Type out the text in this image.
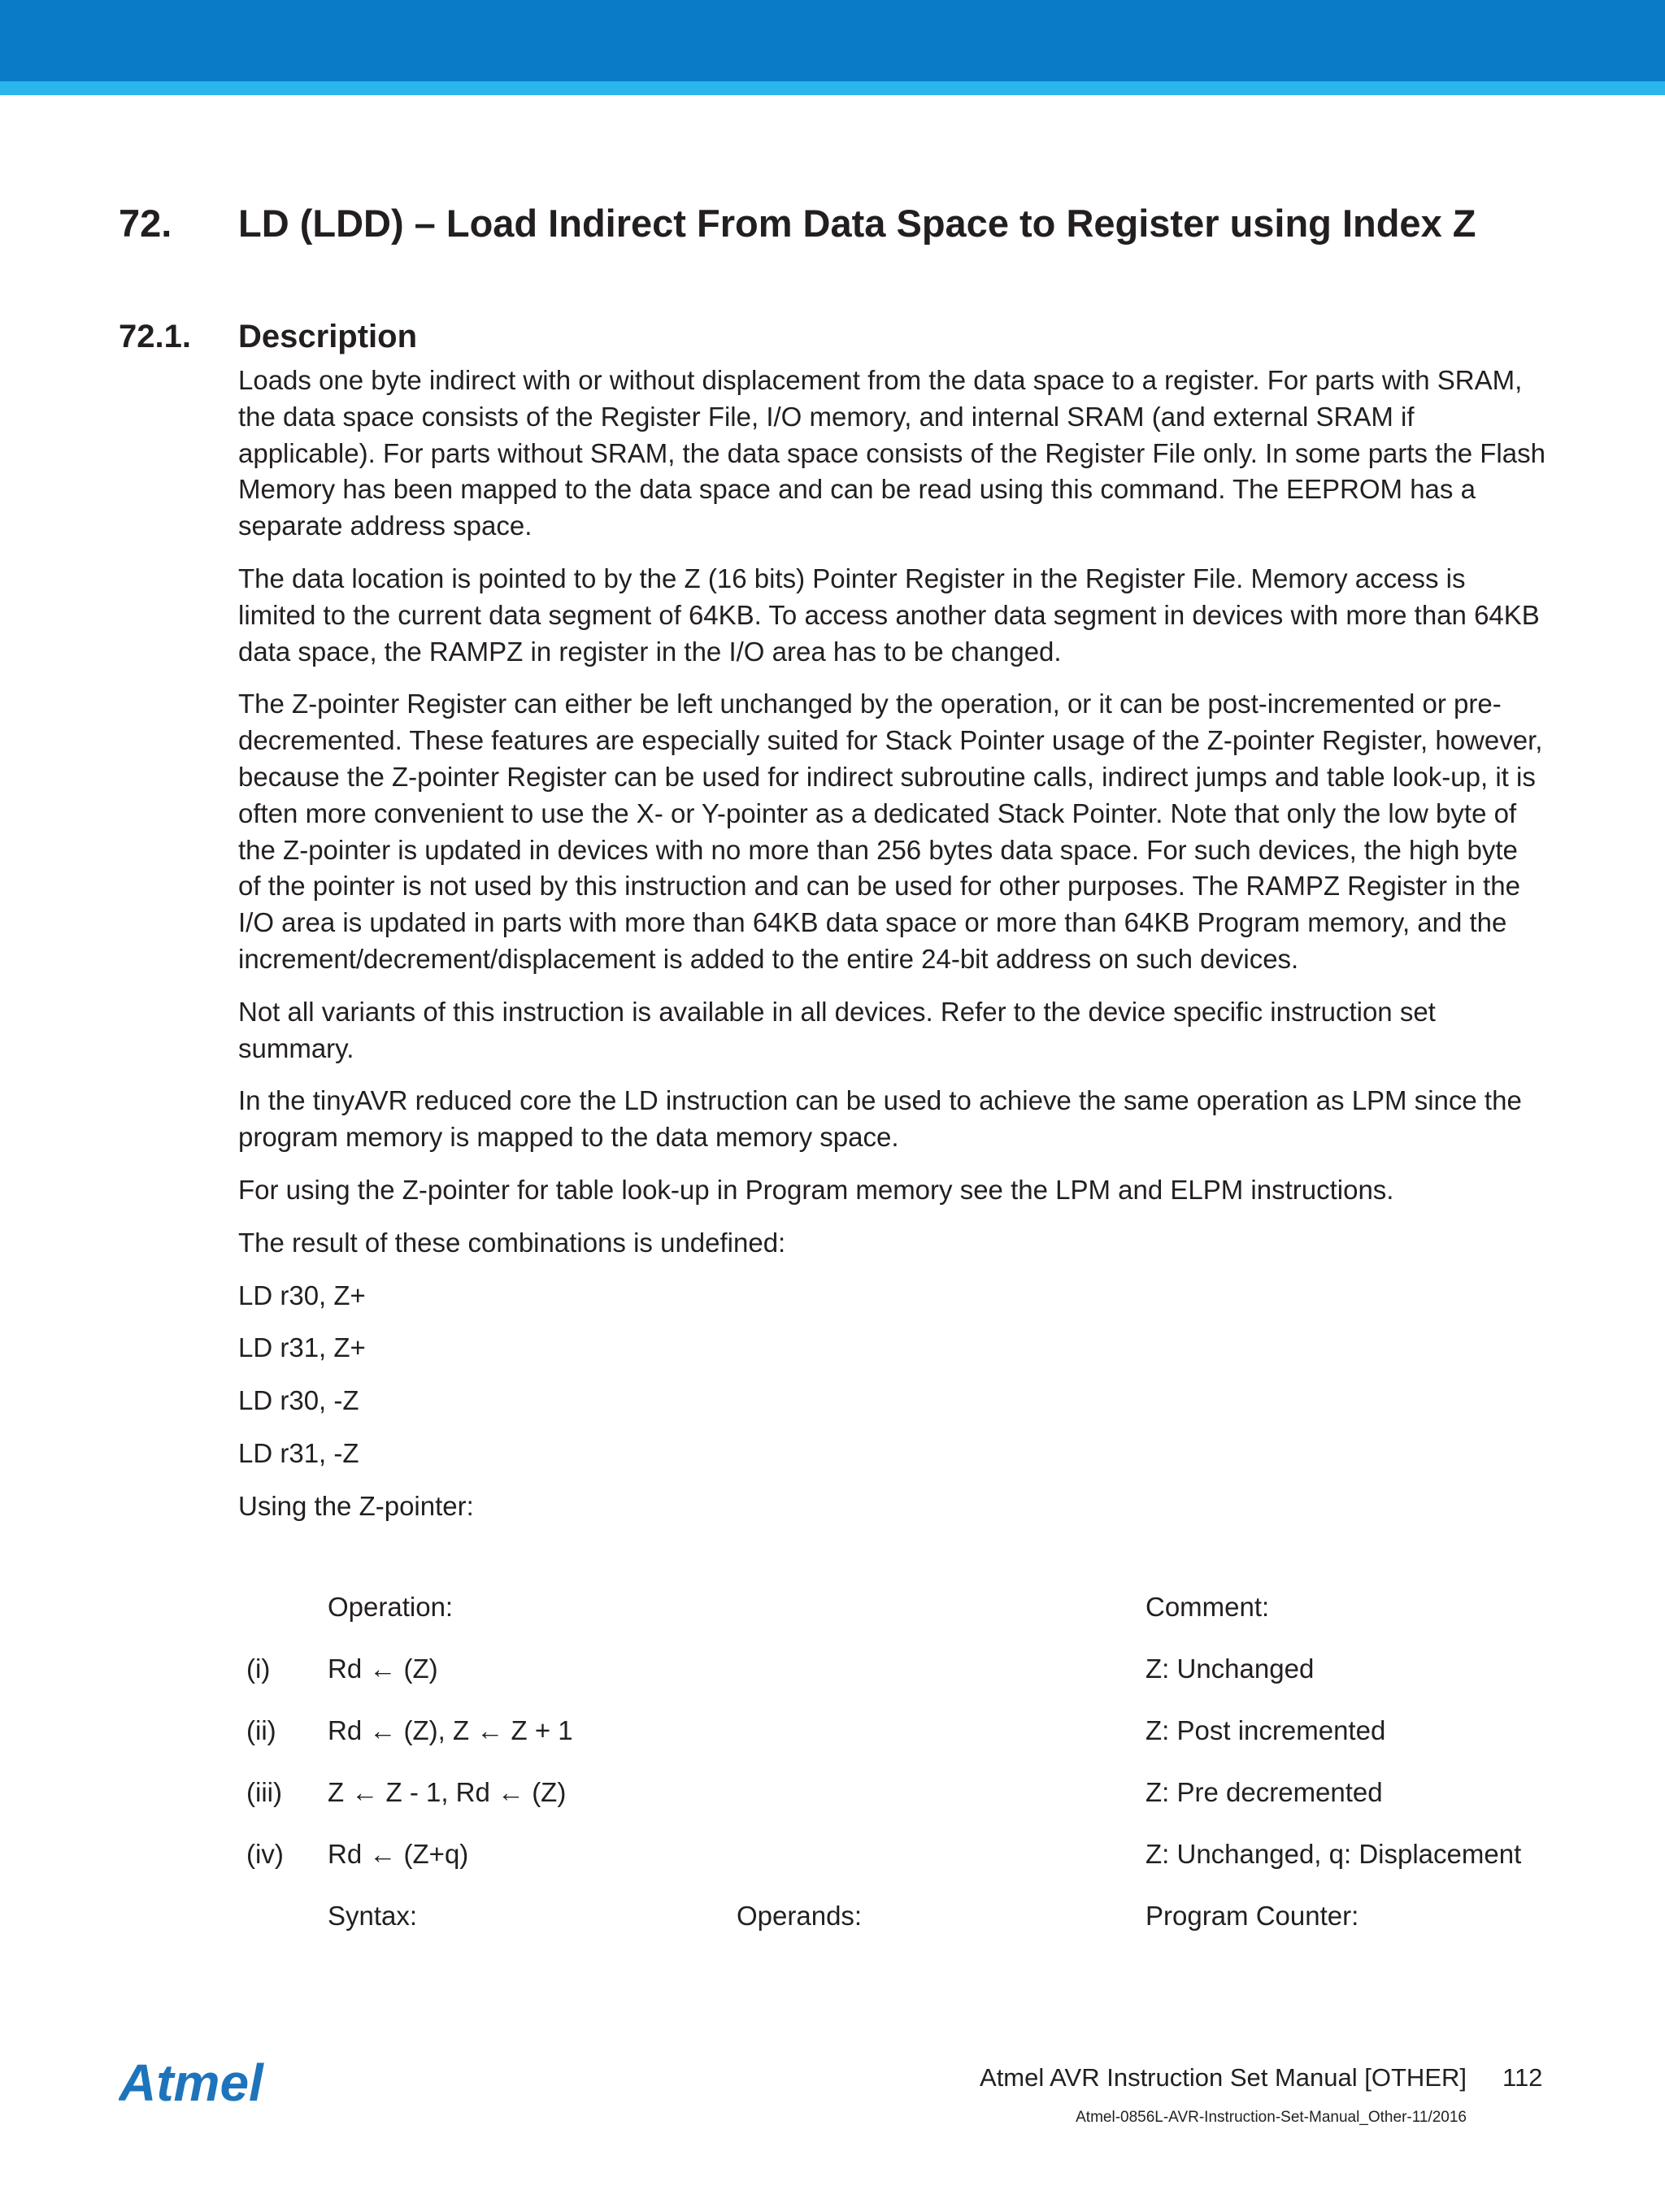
72. LD (LDD) – Load Indirect From Data Space to Register using Index Z
72.1. Description

Loads one byte indirect with or without displacement from the data space to a register. For parts with SRAM, the data space consists of the Register File, I/O memory, and internal SRAM (and external SRAM if applicable). For parts without SRAM, the data space consists of the Register File only. In some parts the Flash Memory has been mapped to the data space and can be read using this command. The EEPROM has a separate address space.

The data location is pointed to by the Z (16 bits) Pointer Register in the Register File. Memory access is limited to the current data segment of 64KB. To access another data segment in devices with more than 64KB data space, the RAMPZ in register in the I/O area has to be changed.

The Z-pointer Register can either be left unchanged by the operation, or it can be post-incremented or pre-decremented. These features are especially suited for Stack Pointer usage of the Z-pointer Register, however, because the Z-pointer Register can be used for indirect subroutine calls, indirect jumps and table look-up, it is often more convenient to use the X- or Y-pointer as a dedicated Stack Pointer. Note that only the low byte of the Z-pointer is updated in devices with no more than 256 bytes data space. For such devices, the high byte of the pointer is not used by this instruction and can be used for other purposes. The RAMPZ Register in the I/O area is updated in parts with more than 64KB data space or more than 64KB Program memory, and the increment/decrement/displacement is added to the entire 24-bit address on such devices.

Not all variants of this instruction is available in all devices. Refer to the device specific instruction set summary.

In the tinyAVR reduced core the LD instruction can be used to achieve the same operation as LPM since the program memory is mapped to the data memory space.

For using the Z-pointer for table look-up in Program memory see the LPM and ELPM instructions.

The result of these combinations is undefined:

LD r30, Z+

LD r31, Z+

LD r30, -Z

LD r31, -Z

Using the Z-pointer:

Operation:	Comment:
(i) Rd ← (Z)	Z: Unchanged
(ii) Rd ← (Z), Z ← Z + 1	Z: Post incremented
(iii) Z ← Z - 1, Rd ← (Z)	Z: Pre decremented
(iv) Rd ← (Z+q)	Z: Unchanged, q: Displacement
Syntax:	Operands:	Program Counter:
Atmel	Atmel AVR Instruction Set Manual [OTHER] 112
Atmel-0856L-AVR-Instruction-Set-Manual_Other-11/2016
